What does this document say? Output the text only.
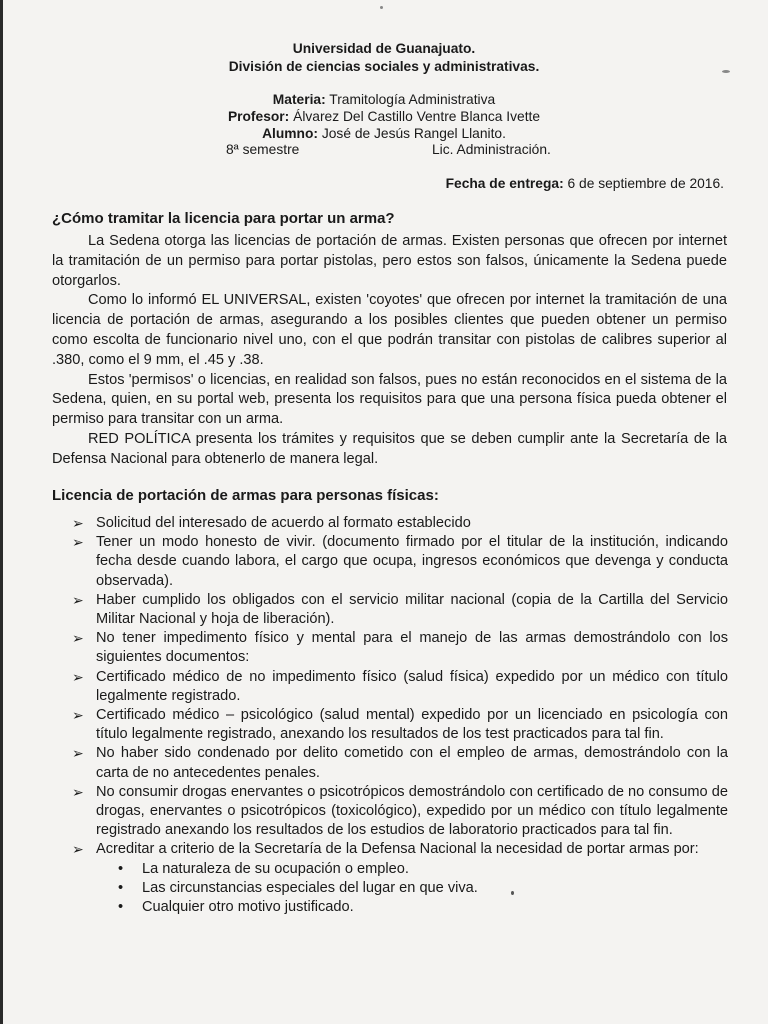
Universidad de Guanajuato.
División de ciencias sociales y administrativas.
Materia: Tramitología Administrativa
Profesor: Álvarez Del Castillo Ventre Blanca Ivette
Alumno: José de Jesús Rangel Llanito.
8ª semestre	Lic. Administración.
Fecha de entrega: 6 de septiembre de 2016.
¿Cómo tramitar la licencia para portar un arma?
La Sedena otorga las licencias de portación de armas. Existen personas que ofrecen por internet la tramitación de un permiso para portar pistolas, pero estos son falsos, únicamente la Sedena puede otorgarlos.
Como lo informó EL UNIVERSAL, existen 'coyotes' que ofrecen por internet la tramitación de una licencia de portación de armas, asegurando a los posibles clientes que pueden obtener un permiso como escolta de funcionario nivel uno, con el que podrán transitar con pistolas de calibres superior al .380, como el 9 mm, el .45 y .38.
Estos 'permisos' o licencias, en realidad son falsos, pues no están reconocidos en el sistema de la Sedena, quien, en su portal web, presenta los requisitos para que una persona física pueda obtener el permiso para transitar con un arma.
RED POLÍTICA presenta los trámites y requisitos que se deben cumplir ante la Secretaría de la Defensa Nacional para obtenerlo de manera legal.
Licencia de portación de armas para personas físicas:
➢ Solicitud del interesado de acuerdo al formato establecido
➢ Tener un modo honesto de vivir. (documento firmado por el titular de la institución, indicando fecha desde cuando labora, el cargo que ocupa, ingresos económicos que devenga y conducta observada).
➢ Haber cumplido los obligados con el servicio militar nacional (copia de la Cartilla del Servicio Militar Nacional y hoja de liberación).
➢ No tener impedimento físico y mental para el manejo de las armas demostrándolo con los siguientes documentos:
➢ Certificado médico de no impedimento físico (salud física) expedido por un médico con título legalmente registrado.
➢ Certificado médico – psicológico (salud mental) expedido por un licenciado en psicología con título legalmente registrado, anexando los resultados de los test practicados para tal fin.
➢ No haber sido condenado por delito cometido con el empleo de armas, demostrándolo con la carta de no antecedentes penales.
➢ No consumir drogas enervantes o psicotrópicos demostrándolo con certificado de no consumo de drogas, enervantes o psicotrópicos (toxicológico), expedido por un médico con título legalmente registrado anexando los resultados de los estudios de laboratorio practicados para tal fin.
➢ Acreditar a criterio de la Secretaría de la Defensa Nacional la necesidad de portar armas por:
• La naturaleza de su ocupación o empleo.
• Las circunstancias especiales del lugar en que viva.
• Cualquier otro motivo justificado.
